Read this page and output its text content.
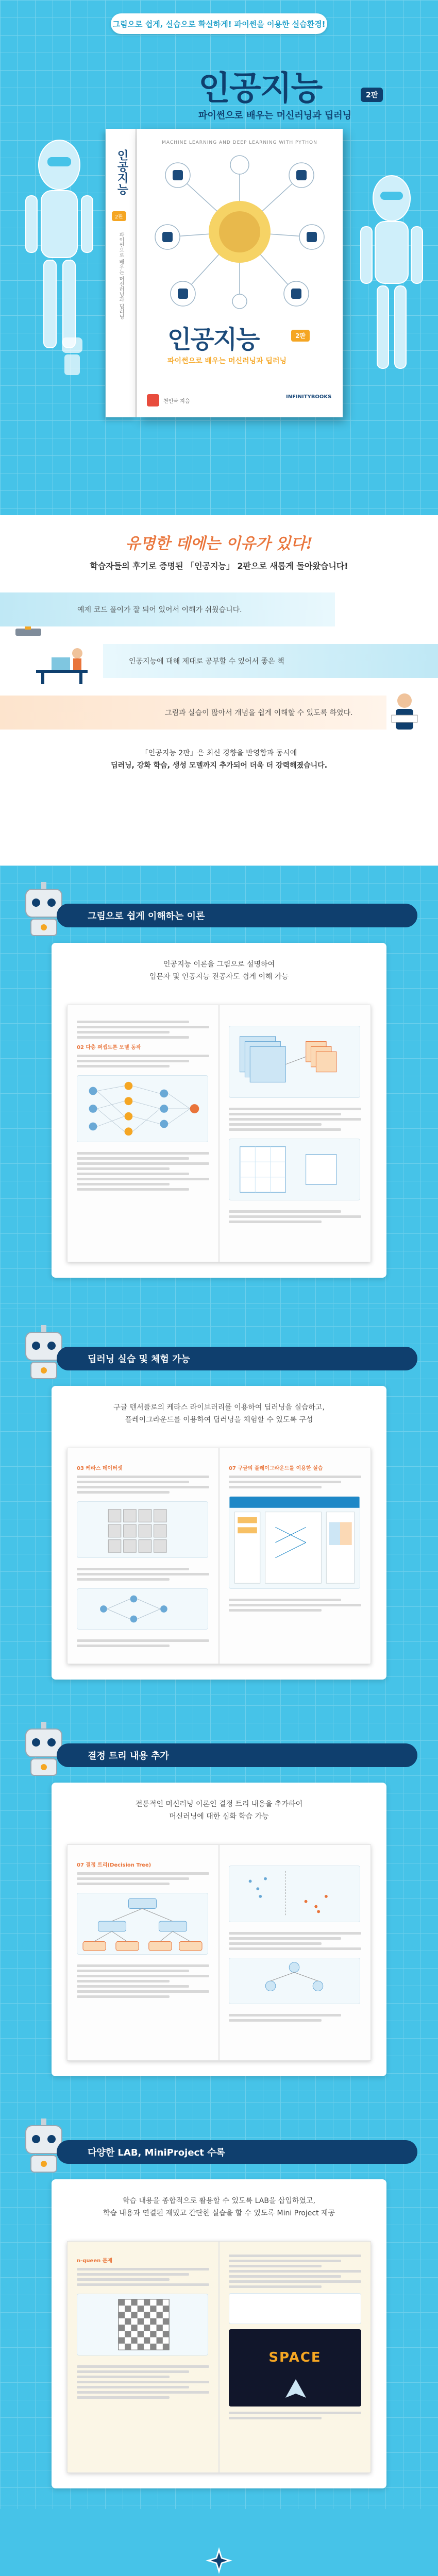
그림으로 쉽게, 실습으로 확실하게! 파이썬을 이용한 실습환경!
인공지능	2판
파이썬으로 배우는 머신러닝과 딥러닝
인공지능
2판
파이썬으로 배우는 머신러닝과 딥러닝
MACHINE LEARNING AND DEEP LEARNING WITH PYTHON
인공지능	2판
파이썬으로 배우는 머신러닝과 딥러닝
천인국 지음
INFINITYBOOKS
유명한 데에는 이유가 있다!
학습자들의 후기로 증명된 「인공지능」 2판으로 새롭게 돌아왔습니다!
예제 코드 풀이가 잘 되어 있어서 이해가 쉬웠습니다.
인공지능에 대해 제대로 공부할 수 있어서 좋은 책
그림과 실습이 많아서 개념을 쉽게 이해할 수 있도록 하였다.
「인공지능 2판」은 최신 경향을 반영함과 동시에
딥러닝, 강화 학습, 생성 모델까지 추가되어 더욱 더 강력해졌습니다.
그림으로 쉽게 이해하는 이론
인공지능 이론을 그림으로 설명하여
입문자 및 인공지능 전공자도 쉽게 이해 가능
02 다층 퍼셉트론 모델 동작
딥러닝 실습 및 체험 가능
구글 텐서플로의 케라스 라이브러리를 이용하여 딥러닝을 실습하고,
플레이그라운드를 이용하여 딥러닝을 체험할 수 있도록 구성
03 케라스 데이터셋	07 구글의 플레이그라운드를 이용한 실습
결정 트리 내용 추가
전통적인 머신러닝 이론인 결정 트리 내용을 추가하여
머신러닝에 대한 심화 학습 가능
07 결정 트리(Decision Tree)
다양한 LAB, MiniProject 수록
학습 내용을 종합적으로 활용할 수 있도록 LAB을 삽입하였고,
학습 내용과 연결된 재밌고 간단한 실습을 할 수 있도록 Mini Project 제공
n-queen 문제
SPACE
